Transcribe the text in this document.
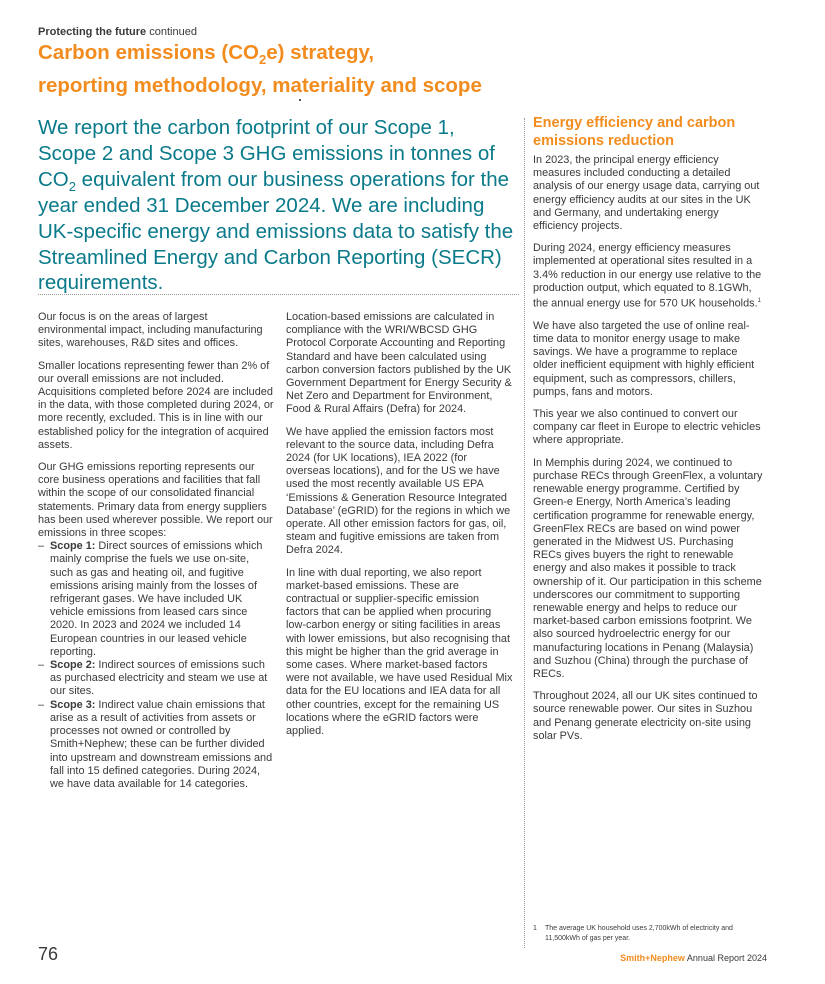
Protecting the future continued
Carbon emissions $(CO_2e)$ strategy,
reporting methodology, materiality and scope

We report the carbon footprint of our Scope 1, Scope 2 and Scope 3 GHG emissions in tonnes of $CO_2$ equivalent from our business operations for the year ended 31 December 2024. We are including UK-specific energy and emissions data to satisfy the Streamlined Energy and Carbon Reporting (SECR) requirements.

Our focus is on the areas of largest environmental impact, including manufacturing sites, warehouses, R&D sites and offices.

Smaller locations representing fewer than 2% of our overall emissions are not included. Acquisitions completed before 2024 are included in the data, with those completed during 2024, or more recently, excluded. This is in line with our established policy for the integration of acquired assets.

Our GHG emissions reporting represents our core business operations and facilities that fall within the scope of our consolidated financial statements. Primary data from energy suppliers has been used wherever possible. We report our emissions in three scopes:

– Scope 1: Direct sources of emissions which mainly comprise the fuels we use on-site, such as gas and heating oil, and fugitive emissions arising mainly from the losses of refrigerant gases. We have included UK vehicle emissions from leased cars since 2020. In 2023 and 2024 we included 14 European countries in our leased vehicle reporting.
– Scope 2: Indirect sources of emissions such as purchased electricity and steam we use at our sites.
– Scope 3: Indirect value chain emissions that arise as a result of activities from assets or processes not owned or controlled by Smith+Nephew; these can be further divided into upstream and downstream emissions and fall into 15 defined categories. During 2024, we have data available for 14 categories.

Location-based emissions are calculated in compliance with the WRI/WBCSD GHG Protocol Corporate Accounting and Reporting Standard and have been calculated using carbon conversion factors published by the UK Government Department for Energy Security & Net Zero and Department for Environment, Food & Rural Affairs (Defra) for 2024.

We have applied the emission factors most relevant to the source data, including Defra 2024 (for UK locations), IEA 2022 (for overseas locations), and for the US we have used the most recently available US EPA ‘Emissions & Generation Resource Integrated Database’ (eGRID) for the regions in which we operate. All other emission factors for gas, oil, steam and fugitive emissions are taken from Defra 2024.

In line with dual reporting, we also report market-based emissions. These are contractual or supplier-specific emission factors that can be applied when procuring low-carbon energy or siting facilities in areas with lower emissions, but also recognising that this might be higher than the grid average in some cases. Where market-based factors were not available, we have used Residual Mix data for the EU locations and IEA data for all other countries, except for the remaining US locations where the eGRID factors were applied.

Energy efficiency and carbon emissions reduction

In 2023, the principal energy efficiency measures included conducting a detailed analysis of our energy usage data, carrying out energy efficiency audits at our sites in the UK and Germany, and undertaking energy efficiency projects.

During 2024, energy efficiency measures implemented at operational sites resulted in a 3.4% reduction in our energy use relative to the production output, which equated to 8.1GWh, the annual energy use for 570 UK households.$^1$

We have also targeted the use of online real-time data to monitor energy usage to make savings. We have a programme to replace older inefficient equipment with highly efficient equipment, such as compressors, chillers, pumps, fans and motors.

This year we also continued to convert our company car fleet in Europe to electric vehicles where appropriate.

In Memphis during 2024, we continued to purchase RECs through GreenFlex, a voluntary renewable energy programme. Certified by Green-e Energy, North America’s leading certification programme for renewable energy, GreenFlex RECs are based on wind power generated in the Midwest US. Purchasing RECs gives buyers the right to renewable energy and also makes it possible to track ownership of it. Our participation in this scheme underscores our commitment to supporting renewable energy and helps to reduce our market-based carbon emissions footprint. We also sourced hydroelectric energy for our manufacturing locations in Penang (Malaysia) and Suzhou (China) through the purchase of RECs.

Throughout 2024, all our UK sites continued to source renewable power. Our sites in Suzhou and Penang generate electricity on-site using solar PVs.

1	The average UK household uses 2,700kWh of electricity and 11,500kWh of gas per year.
76	Smith+Nephew Annual Report 2024
